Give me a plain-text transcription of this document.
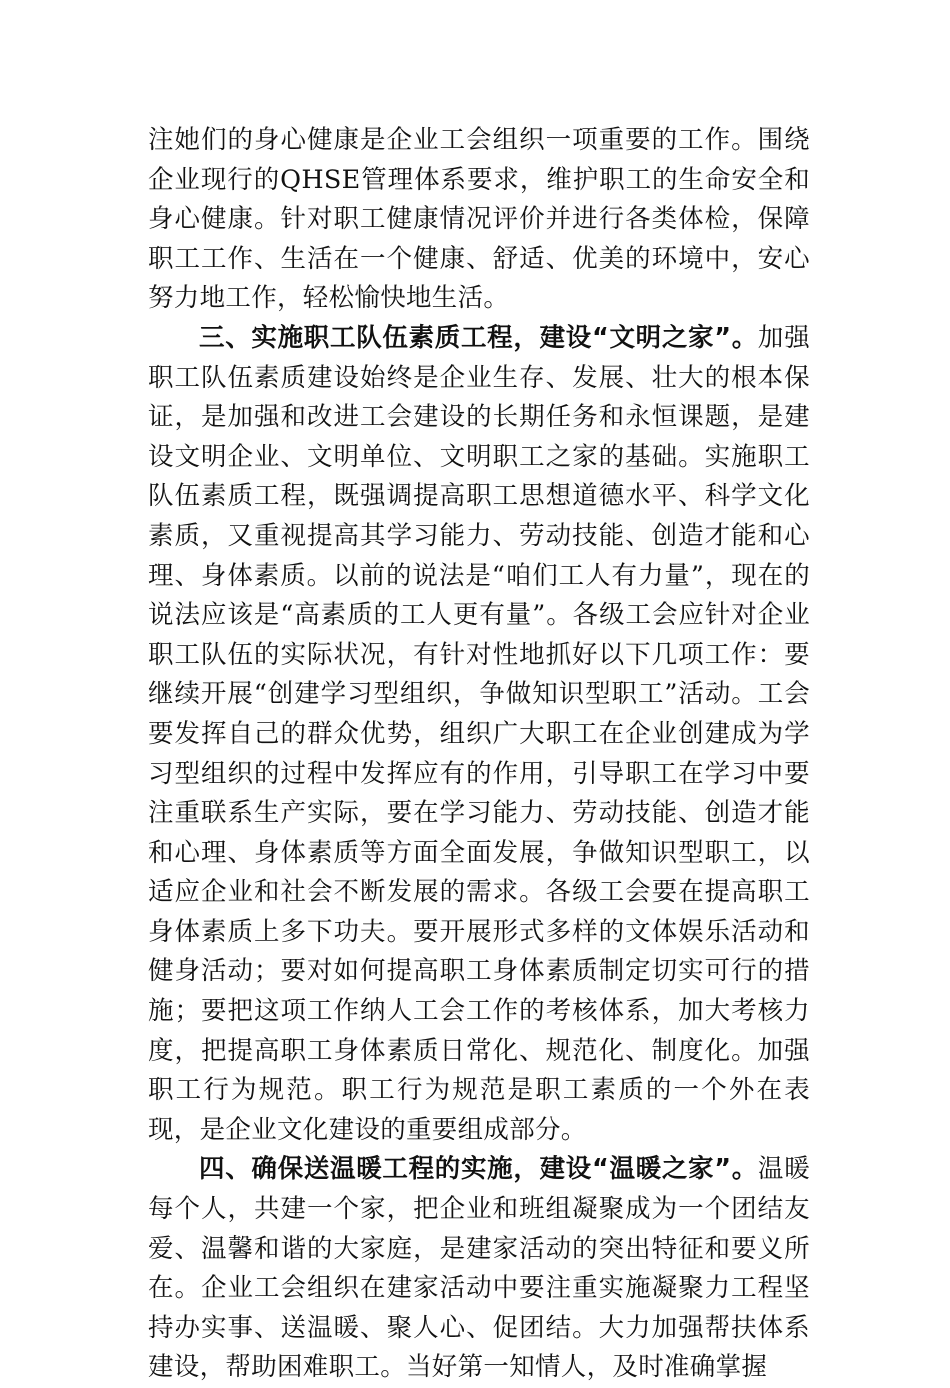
注她们的身心健康是企业工会组织一项重要的工作。围绕企业现行的QHSE管理体系要求，维护职工的生命安全和身心健康。针对职工健康情况评价并进行各类体检，保障职工工作、生活在一个健康、舒适、优美的环境中，安心努力地工作，轻松愉快地生活。

三、实施职工队伍素质工程，建设“文明之家”。加强职工队伍素质建设始终是企业生存、发展、壮大的根本保证，是加强和改进工会建设的长期任务和永恒课题，是建设文明企业、文明单位、文明职工之家的基础。实施职工队伍素质工程，既强调提高职工思想道德水平、科学文化素质，又重视提高其学习能力、劳动技能、创造才能和心理、身体素质。以前的说法是“咱们工人有力量”，现在的说法应该是“高素质的工人更有量”。各级工会应针对企业职工队伍的实际状况，有针对性地抓好以下几项工作：要继续开展“创建学习型组织，争做知识型职工”活动。工会要发挥自己的群众优势，组织广大职工在企业创建成为学习型组织的过程中发挥应有的作用，引导职工在学习中要注重联系生产实际，要在学习能力、劳动技能、创造才能和心理、身体素质等方面全面发展，争做知识型职工，以适应企业和社会不断发展的需求。各级工会要在提高职工身体素质上多下功夫。要开展形式多样的文体娱乐活动和健身活动；要对如何提高职工身体素质制定切实可行的措施；要把这项工作纳人工会工作的考核体系，加大考核力度，把提高职工身体素质日常化、规范化、制度化。加强职工行为规范。职工行为规范是职工素质的一个外在表现，是企业文化建设的重要组成部分。

四、确保送温暖工程的实施，建设“温暖之家”。温暖每个人，共建一个家，把企业和班组凝聚成为一个团结友爱、温馨和谐的大家庭，是建家活动的突出特征和要义所在。企业工会组织在建家活动中要注重实施凝聚力工程坚持办实事、送温暖、聚人心、促团结。大力加强帮扶体系建设，帮助困难职工。当好第一知情人，及时准确掌握
